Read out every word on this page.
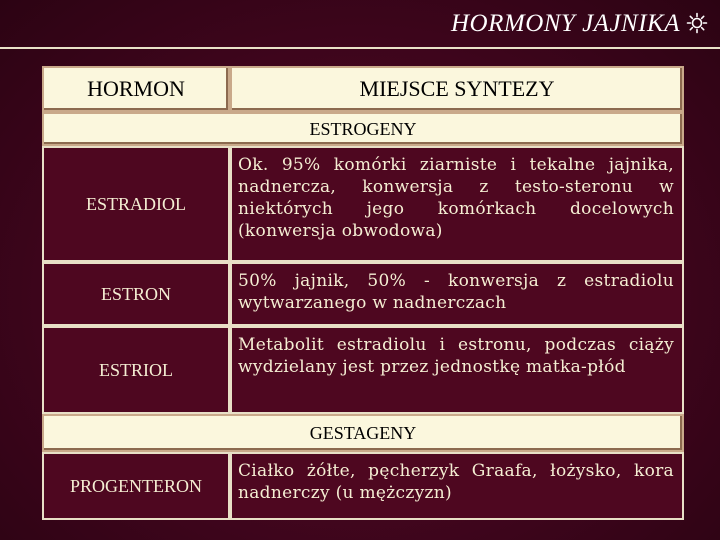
HORMONY JAJNIKA
HORMON	MIEJSCE SYNTEZY
ESTROGENY
ESTRADIOL
Ok. 95% komórki ziarniste i tekalne jajnika, nadnercza, konwersja z testo-steronu w niektórych jego komórkach docelowych (konwersja obwodowa)
ESTRON
50% jajnik, 50% - konwersja z estradiolu wytwarzanego w nadnerczach
ESTRIOL
Metabolit estradiolu i estronu, podczas ciąży wydzielany jest przez jednostkę matka-płód
GESTAGENY
PROGENTERON
Ciałko żółte, pęcherzyk Graafa, łożysko, kora nadnerczy (u mężczyzn)
